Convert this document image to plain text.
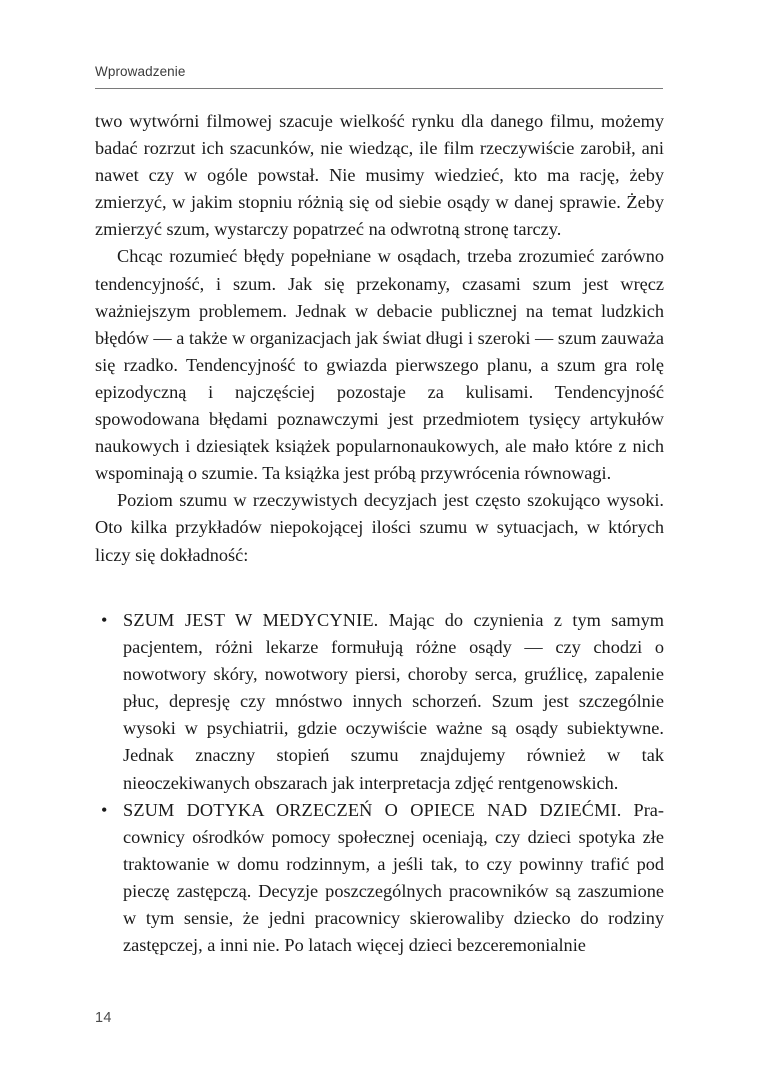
Wprowadzenie

two wytwórni filmowej szacuje wielkość rynku dla danego filmu, możemy badać rozrzut ich szacunków, nie wiedząc, ile film rzeczywiście zarobił, ani nawet czy w ogóle powstał. Nie musimy wiedzieć, kto ma rację, żeby zmierzyć, w jakim stopniu różnią się od siebie osądy w danej sprawie. Żeby zmierzyć szum, wystarczy popatrzeć na odwrotną stronę tarczy.

Chcąc rozumieć błędy popełniane w osądach, trzeba zrozumieć zarówno tendencyjność, i szum. Jak się przekonamy, czasami szum jest wręcz ważniejszym problemem. Jednak w debacie publicznej na temat ludzkich błędów — a także w organizacjach jak świat długi i szeroki — szum zauważa się rzadko. Tendencyjność to gwiazda pierwszego planu, a szum gra rolę epizodyczną i najczęściej pozostaje za kulisami. Tendencyjność spowodowana błędami poznawczymi jest przedmiotem tysięcy artykułów naukowych i dziesiątek książek popularnonaukowych, ale mało które z nich wspominają o szumie. Ta książka jest próbą przywrócenia równowagi.

Poziom szumu w rzeczywistych decyzjach jest często szokująco wysoki. Oto kilka przykładów niepokojącej ilości szumu w sytuacjach, w których liczy się dokładność:

• SZUM JEST W MEDYCYNIE. Mając do czynienia z tym samym pacjentem, różni lekarze formułują różne osądy — czy chodzi o nowotwory skóry, nowotwory piersi, choroby serca, gruźlicę, zapalenie płuc, depresję czy mnóstwo innych schorzeń. Szum jest szczególnie wysoki w psychiatrii, gdzie oczywiście ważne są osądy subiektywne. Jednak znaczny stopień szumu znajdujemy również w tak nieoczekiwanych obszarach jak interpretacja zdjęć rentgenowskich.
• SZUM DOTYKA ORZECZEŃ O OPIECE NAD DZIEĆMI. Pracownicy ośrodków pomocy społecznej oceniają, czy dzieci spotyka złe traktowanie w domu rodzinnym, a jeśli tak, to czy powinny trafić pod pieczę zastępczą. Decyzje poszczególnych pracowników są zaszumione w tym sensie, że jedni pracownicy skierowaliby dziecko do rodziny zastępczej, a inni nie. Po latach więcej dzieci bezceremonialnie
14
